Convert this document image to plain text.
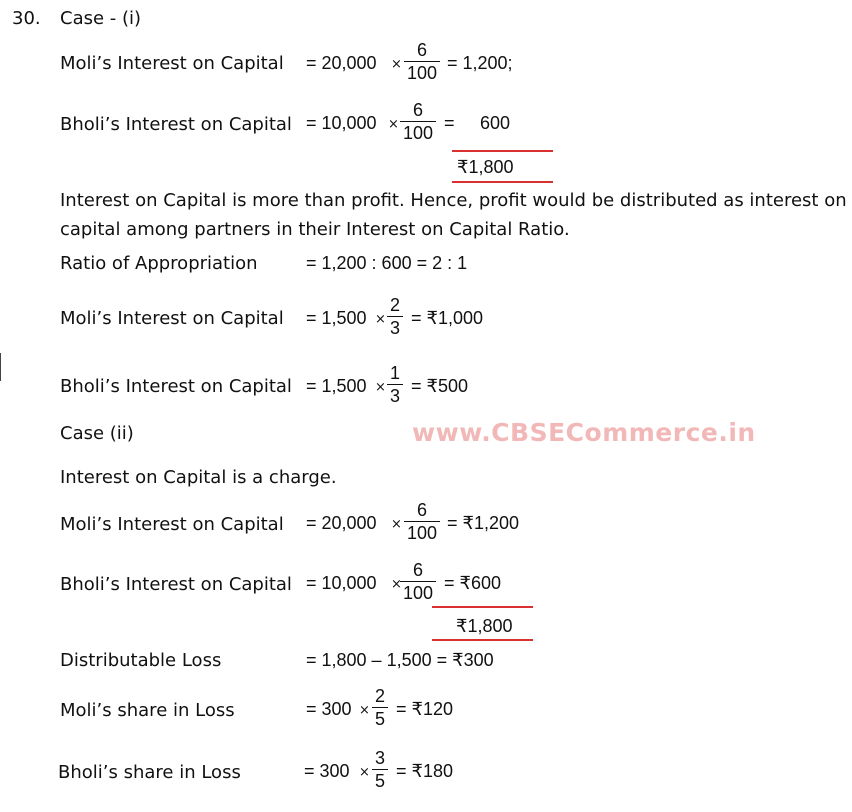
30. Case - (i)
Moli’s Interest on Capital = 20,000 ×
6
100 = 1,200;
Bholi’s Interest on Capital = 10,000 ×
6
100 = 600
₹1,800
Interest on Capital is more than profit. Hence, profit would be distributed as interest on
capital among partners in their Interest on Capital Ratio.
Ratio of Appropriation	= 1,200 : 600 = 2 : 1
Moli’s Interest on Capital = 1,500 ×
2
3 = ₹1,000
Bholi’s Interest on Capital = 1,500 ×
1
3 = ₹500
Case (ii)	www.CBSECommerce.in
Interest on Capital is a charge.
Moli’s Interest on Capital = 20,000 ×
6
100 = ₹1,200
Bholi’s Interest on Capital = 10,000 ×
6
100 = ₹600
₹1,800
Distributable Loss	= 1,800 – 1,500 = ₹300
Moli’s share in Loss	= 300 ×
2
5 = ₹120
Bholi’s share in Loss	= 300 ×
3
5 = ₹180
